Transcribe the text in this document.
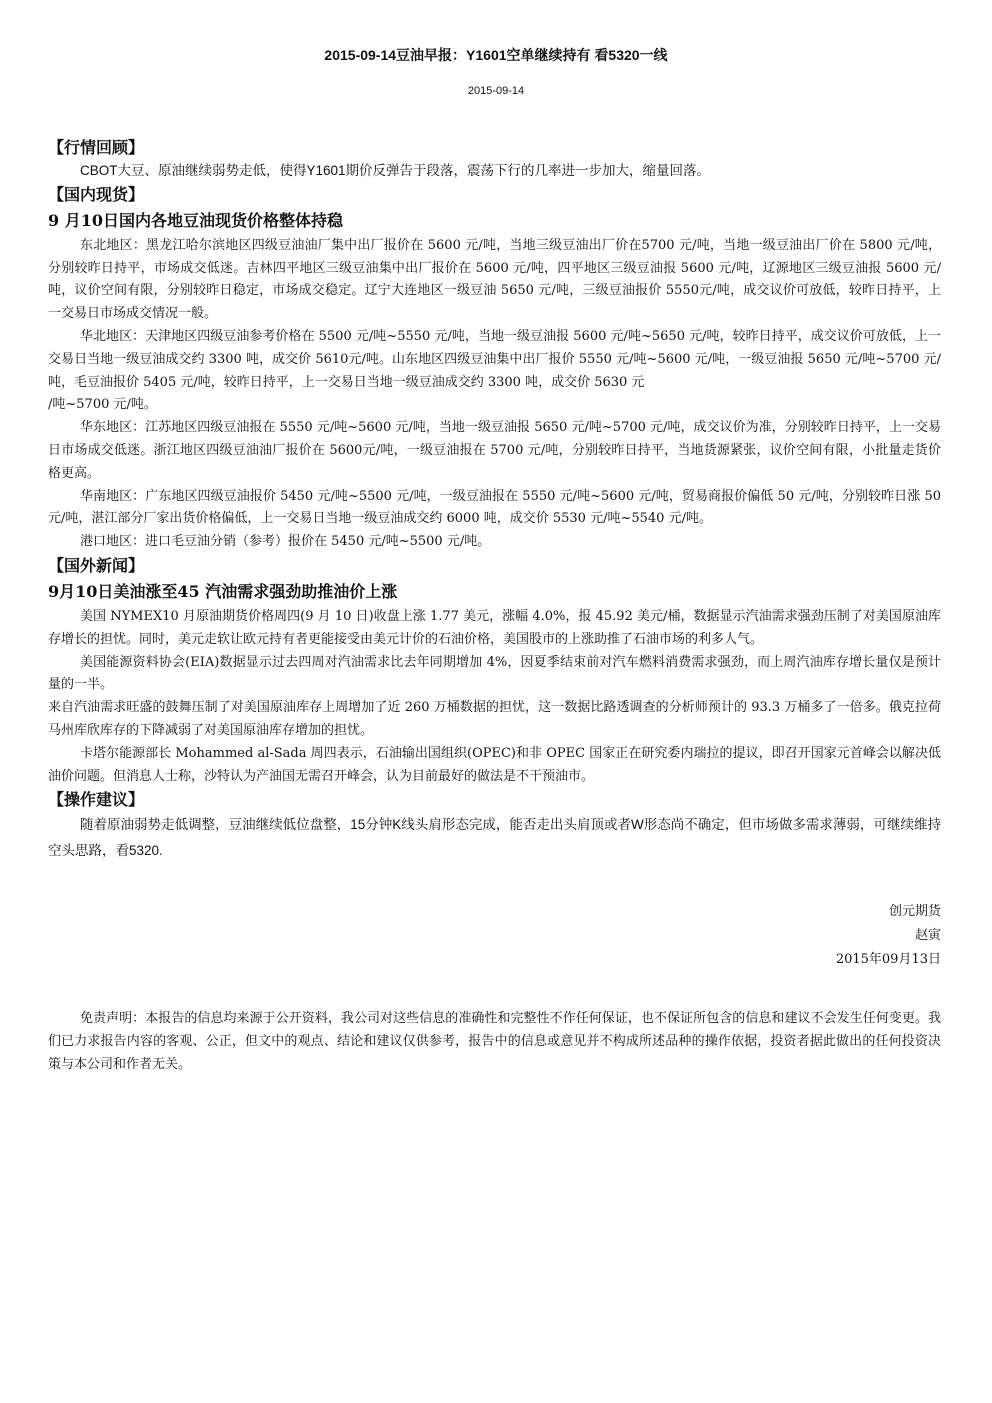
2015-09-14豆油早报：Y1601空单继续持有 看5320一线
2015-09-14
【行情回顾】

CBOT大豆、原油继续弱势走低，使得Y1601期价反弹告于段落，震荡下行的几率进一步加大，缩量回落。

【国内现货】
9 月10日国内各地豆油现货价格整体持稳

东北地区：黑龙江哈尔滨地区四级豆油油厂集中出厂报价在 5600 元/吨，当地三级豆油出厂价在5700 元/吨，当地一级豆油出厂价在 5800 元/吨，分别较昨日持平，市场成交低迷。吉林四平地区三级豆油集中出厂报价在 5600 元/吨，四平地区三级豆油报 5600 元/吨，辽源地区三级豆油报 5600 元/吨，议价空间有限，分别较昨日稳定，市场成交稳定。辽宁大连地区一级豆油 5650 元/吨，三级豆油报价 5550元/吨，成交议价可放低，较昨日持平，上一交易日市场成交情况一般。

华北地区：天津地区四级豆油参考价格在 5500 元/吨~5550 元/吨，当地一级豆油报 5600 元/吨~5650 元/吨，较昨日持平，成交议价可放低，上一交易日当地一级豆油成交约 3300 吨，成交价 5610元/吨。山东地区四级豆油集中出厂报价 5550 元/吨~5600 元/吨，一级豆油报 5650 元/吨~5700 元/吨，毛豆油报价 5405 元/吨，较昨日持平，上一交易日当地一级豆油成交约 3300 吨，成交价 5630 元

/吨~5700 元/吨。

华东地区：江苏地区四级豆油报在 5550 元/吨~5600 元/吨，当地一级豆油报 5650 元/吨~5700 元/吨，成交议价为准，分别较昨日持平，上一交易日市场成交低迷。浙江地区四级豆油油厂报价在 5600元/吨，一级豆油报在 5700 元/吨，分别较昨日持平，当地货源紧张，议价空间有限，小批量走货价格更高。

华南地区：广东地区四级豆油报价 5450 元/吨~5500 元/吨，一级豆油报在 5550 元/吨~5600 元/吨，贸易商报价偏低 50 元/吨，分别较昨日涨 50 元/吨，湛江部分厂家出货价格偏低，上一交易日当地一级豆油成交约 6000 吨，成交价 5530 元/吨~5540 元/吨。

港口地区：进口毛豆油分销（参考）报价在 5450 元/吨~5500 元/吨。

【国外新闻】
9月10日美油涨至45 汽油需求强劲助推油价上涨

美国 NYMEX10 月原油期货价格周四(9 月 10 日)收盘上涨 1.77 美元，涨幅 4.0%，报 45.92 美元/桶，数据显示汽油需求强劲压制了对美国原油库存增长的担忧。同时，美元走软让欧元持有者更能接受由美元计价的石油价格，美国股市的上涨助推了石油市场的利多人气。

美国能源资料协会(EIA)数据显示过去四周对汽油需求比去年同期增加 4%，因夏季结束前对汽车燃料消费需求强劲，而上周汽油库存增长量仅是预计量的一半。

来自汽油需求旺盛的鼓舞压制了对美国原油库存上周增加了近 260 万桶数据的担忧，这一数据比路透调查的分析师预计的 93.3 万桶多了一倍多。俄克拉荷马州库欣库存的下降减弱了对美国原油库存增加的担忧。

卡塔尔能源部长 Mohammed al-Sada 周四表示，石油输出国组织(OPEC)和非 OPEC 国家正在研究委内瑞拉的提议，即召开国家元首峰会以解决低油价问题。但消息人士称，沙特认为产油国无需召开峰会，认为目前最好的做法是不干预油市。

【操作建议】

随着原油弱势走低调整，豆油继续低位盘整，15分钟K线头肩形态完成，能否走出头肩顶或者W形态尚不确定，但市场做多需求薄弱，可继续维持空头思路，看5320.

创元期货

赵寅

2015年09月13日

免责声明：本报告的信息均来源于公开资料，我公司对这些信息的准确性和完整性不作任何保证，也不保证所包含的信息和建议不会发生任何变更。我们已力求报告内容的客观、公正，但文中的观点、结论和建议仅供参考，报告中的信息或意见并不构成所述品种的操作依据，投资者据此做出的任何投资决策与本公司和作者无关。
